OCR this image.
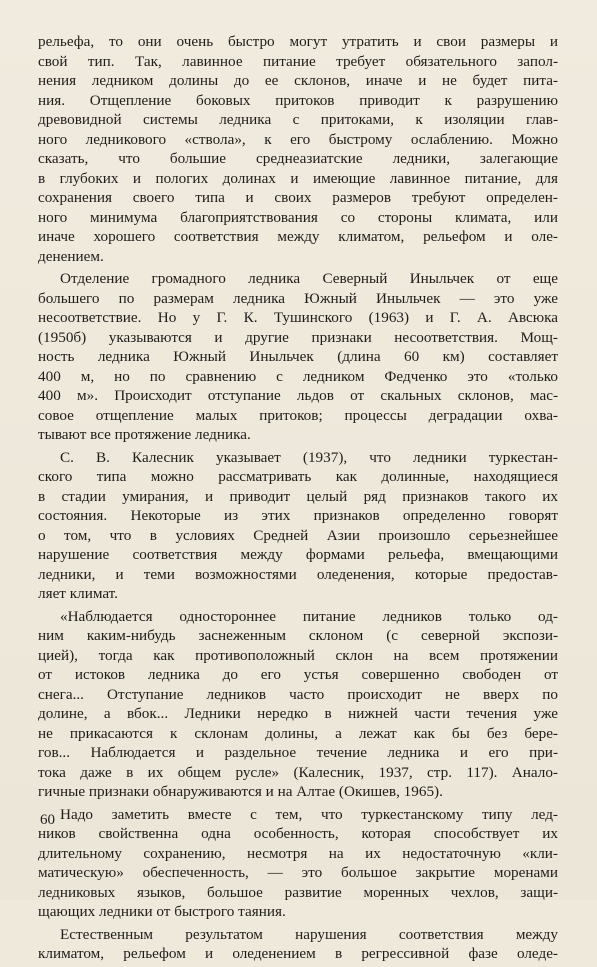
рельефа, то они очень быстро могут утратить и свои размеры и
свой тип. Так, лавинное питание требует обязательного запол-
нения ледником долины до ее склонов, иначе и не будет пита-
ния. Отщепление боковых притоков приводит к разрушению
древовидной системы ледника с притоками, к изоляции глав-
ного ледникового «ствола», к его быстрому ослаблению. Можно
сказать, что большие среднеазиатские ледники, залегающие
в глубоких и пологих долинах и имеющие лавинное питание, для
сохранения своего типа и своих размеров требуют определен-
ного минимума благоприятствования со стороны климата, или
иначе хорошего соответствия между климатом, рельефом и оле-
денением.
Отделение громадного ледника Северный Иныльчек от еще
большего по размерам ледника Южный Иныльчек — это уже
несоответствие. Но у Г. К. Тушинского (1963) и Г. А. Авсюка
(1950б) указываются и другие признаки несоответствия. Мощ-
ность ледника Южный Иныльчек (длина 60 км) составляет
400 м, но по сравнению с ледником Федченко это «только
400 м». Происходит отступание льдов от скальных склонов, мас-
совое отщепление малых притоков; процессы деградации охва-
тывают все протяжение ледника.
С. В. Калесник указывает (1937), что ледники туркестан-
ского типа можно рассматривать как долинные, находящиеся
в стадии умирания, и приводит целый ряд признаков такого их
состояния. Некоторые из этих признаков определенно говорят
о том, что в условиях Средней Азии произошло серьезнейшее
нарушение соответствия между формами рельефа, вмещающими
ледники, и теми возможностями оледенения, которые предостав-
ляет климат.
«Наблюдается одностороннее питание ледников только од-
ним каким-нибудь заснеженным склоном (с северной экспози-
цией), тогда как противоположный склон на всем протяжении
от истоков ледника до его устья совершенно свободен от
снега... Отступание ледников часто происходит не вверх по
долине, а вбок... Ледники нередко в нижней части течения уже
не прикасаются к склонам долины, а лежат как бы без бере-
гов... Наблюдается и раздельное течение ледника и его при-
тока даже в их общем русле» (Калесник, 1937, стр. 117). Анало-
гичные признаки обнаруживаются и на Алтае (Окишев, 1965).
Надо заметить вместе с тем, что туркестанскому типу лед-
ников свойственна одна особенность, которая способствует их
длительному сохранению, несмотря на их недостаточную «кли-
матическую» обеспеченность, — это большое закрытие моренами
ледниковых языков, большое развитие моренных чехлов, защи-
щающих ледники от быстрого таяния.
Естественным результатом нарушения соответствия между
климатом, рельефом и оледенением в регрессивной фазе оледе-
60
